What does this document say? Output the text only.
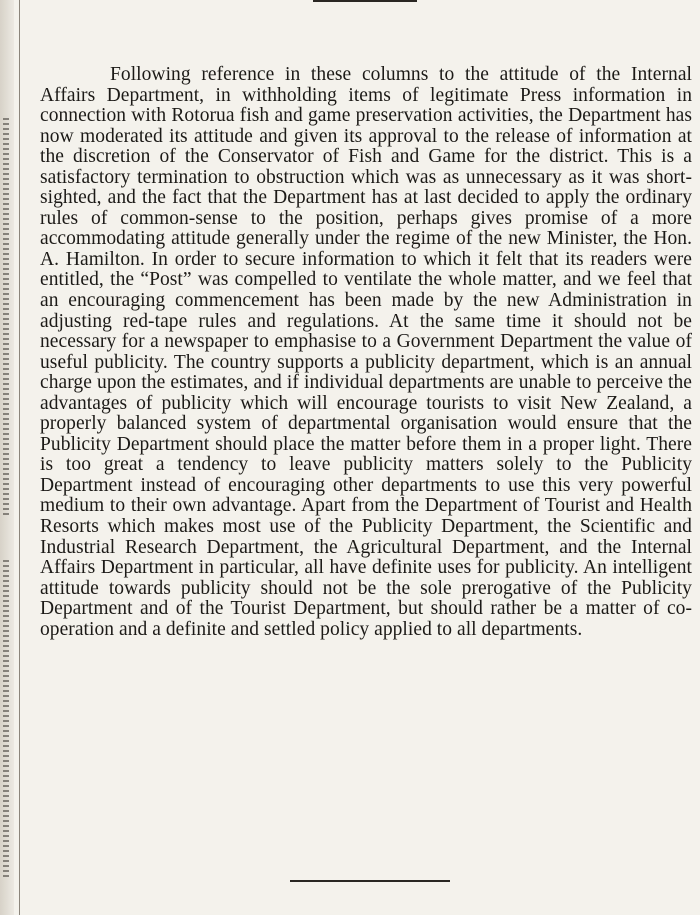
Following reference in these columns to the attitude of the Internal Affairs Department, in withholding items of legitimate Press information in connection with Rotorua fish and game preservation activities, the Department has now moderated its attitude and given its approval to the release of information at the discretion of the Conservator of Fish and Game for the district. This is a satisfactory termination to obstruction which was as unnecessary as it was short-sighted, and the fact that the Department has at last decided to apply the ordinary rules of common-sense to the position, perhaps gives promise of a more accommodating attitude generally under the regime of the new Minister, the Hon. A. Hamilton. In order to secure information to which it felt that its readers were entitled, the “Post” was compelled to ventilate the whole matter, and we feel that an encouraging commencement has been made by the new Administration in adjusting red-tape rules and regulations. At the same time it should not be necessary for a newspaper to emphasise to a Government Department the value of useful publicity. The country supports a publicity department, which is an annual charge upon the estimates, and if individual departments are unable to perceive the advantages of publicity which will encourage tourists to visit New Zealand, a properly balanced system of departmental organisation would ensure that the Publicity Department should place the matter before them in a proper light. There is too great a tendency to leave publicity matters solely to the Publicity Department instead of encouraging other departments to use this very powerful medium to their own advantage. Apart from the Department of Tourist and Health Resorts which makes most use of the Publicity Department, the Scientific and Industrial Research Department, the Agricultural Department, and the Internal Affairs Department in particular, all have definite uses for publicity. An intelligent attitude towards publicity should not be the sole prerogative of the Publicity Department and of the Tourist Department, but should rather be a matter of co-operation and a definite and settled policy applied to all departments.
